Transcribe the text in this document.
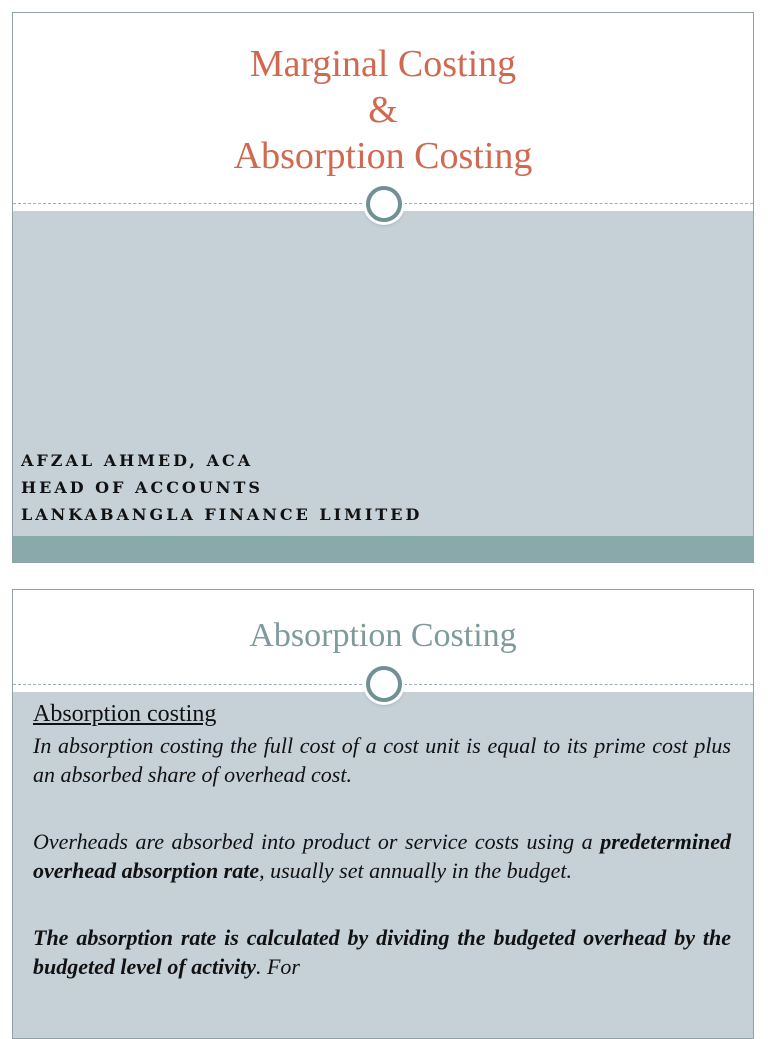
Marginal Costing
&
Absorption Costing
AFZAL AHMED, ACA
HEAD OF ACCOUNTS
LANKABANGLA FINANCE LIMITED
Absorption Costing
Absorption costing

In absorption costing the full cost of a cost unit is equal to its prime cost plus an absorbed share of overhead cost.

Overheads are absorbed into product or service costs using a predetermined overhead absorption rate, usually set annually in the budget.

The absorption rate is calculated by dividing the budgeted overhead by the budgeted level of activity. For
